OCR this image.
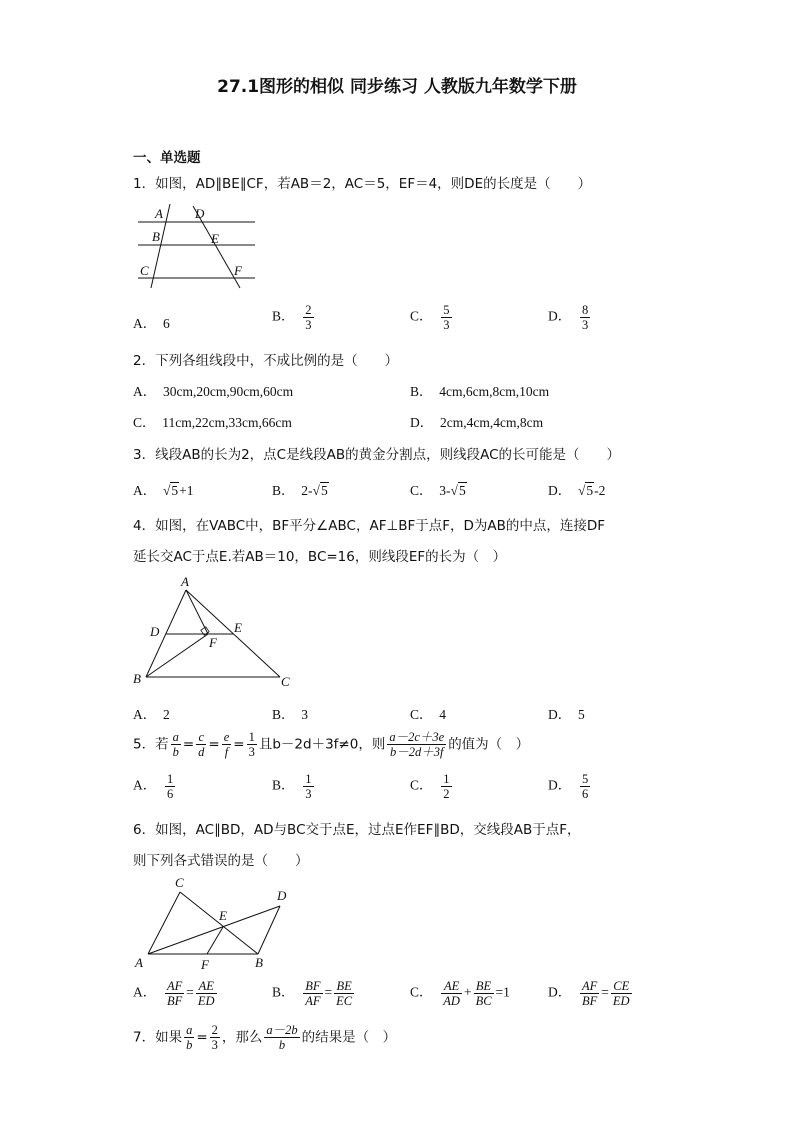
27.1图形的相似 同步练习 人教版九年数学下册
一、单选题
1．如图，AD∥BE∥CF，若AB＝2，AC＝5，EF＝4，则DE的长度是（　　）
A D
B	E
C	F
A． 6	B． $\frac{2}{3}$	C． $\frac{5}{3}$	D． $\frac{8}{3}$
2．下列各组线段中，不成比例的是（　　）
A． 30cm,20cm,90cm,60cm	B． 4cm,6cm,8cm,10cm
C． 11cm,22cm,33cm,66cm	D． 2cm,4cm,4cm,8cm
3．线段AB的长为2，点C是线段AB的黄金分割点，则线段AC的长可能是（　　）
A． √5+1	B． 2-√5	C． 3-√5	D． √5-2
4．如图，在VABC中，BF平分∠ABC，AF⊥BF于点F，D为AB的中点，连接DF
延长交AC于点E.若AB＝10，BC=16，则线段EF的长为（　）
A
D	E
F
B	C
A． 2	B． 3	C． 4	D． 5
5．若 $\frac{a}{b} = \frac{c}{d} = \frac{e}{f} = \frac{1}{3}$ 且b－2d＋3f≠0，则 $\frac{a-2c+3e}{b-2d+3f}$ 的值为（　）
A． $\frac{1}{6}$	B． $\frac{1}{3}$	C． $\frac{1}{2}$	D． $\frac{5}{6}$
6．如图，AC∥BD，AD与BC交于点E，过点E作EF∥BD，交线段AB于点F，
则下列各式错误的是（　　）
C
D
E
A	F	B
A． $\frac{AF}{BF} = \frac{AE}{ED}$	B． $\frac{BF}{AF} = \frac{BE}{EC}$	C． $\frac{AE}{AD} + \frac{BE}{BC} =1$	D． $\frac{AF}{BF} = \frac{CE}{ED}$
7．如果 $\frac{a}{b} = \frac{2}{3}$ ，那么 $\frac{a-2b}{b}$ 的结果是（　）
